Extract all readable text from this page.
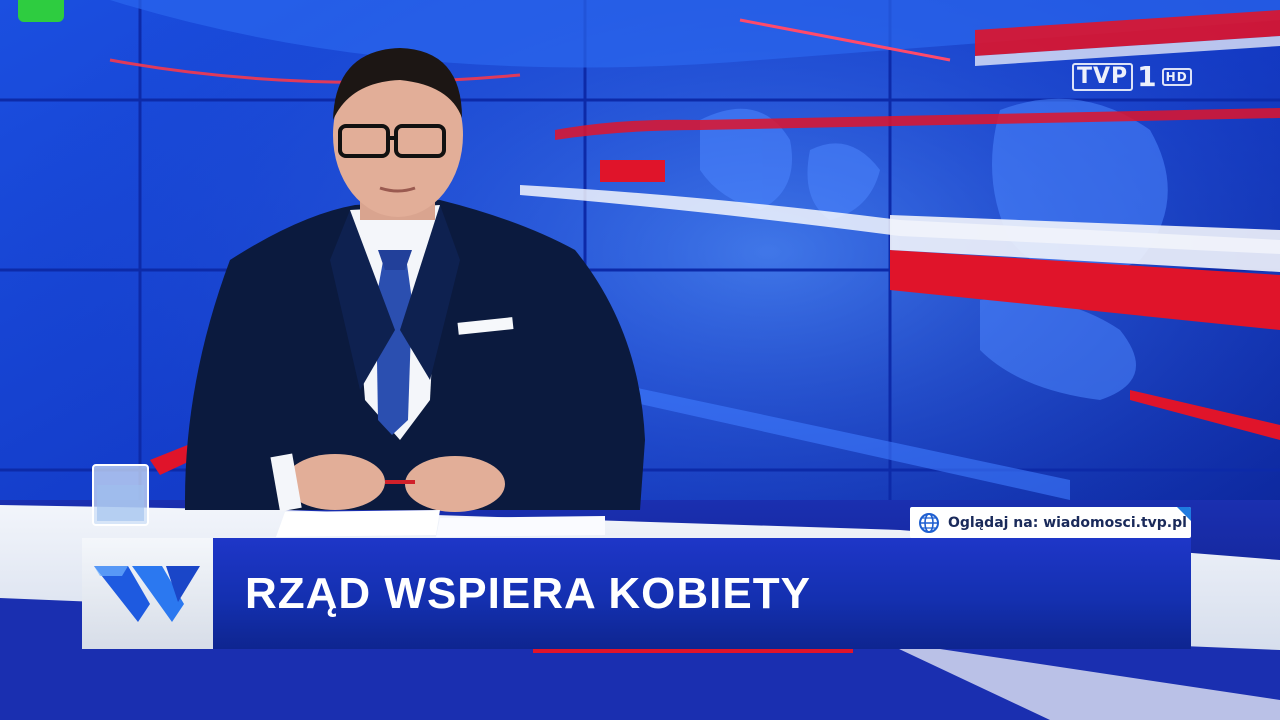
TVP 1 HD
Oglądaj na: wiadomosci.tvp.pl
RZĄD WSPIERA KOBIETY
